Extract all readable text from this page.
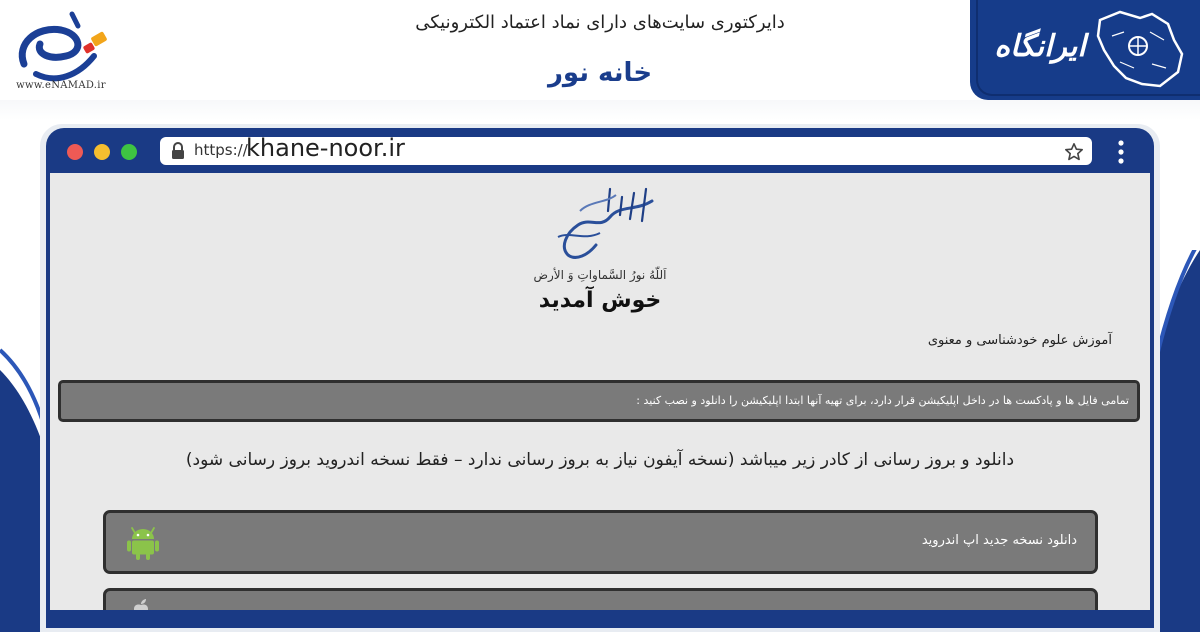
www.eNAMAD.ir
دایرکتوری سایت‌های دارای نماد اعتماد الکترونیکی
خانه نور
ایرانگاه
https://
khane-noor.ir
اَللّهُ نورُ السَّماواتِ وَ الأرض
خوش آمدید
آموزش علوم خودشناسی و معنوی
تمامی فایل ها و پادکست ها در داخل اپلیکیشن قرار دارد، برای تهیه آنها ابتدا اپلیکیشن را دانلود و نصب کنید :
دانلود و بروز رسانی از کادر زیر میباشد (نسخه آیفون نیاز به بروز رسانی ندارد – فقط نسخه اندروید بروز رسانی شود)
دانلود نسخه جدید اپ اندروید
